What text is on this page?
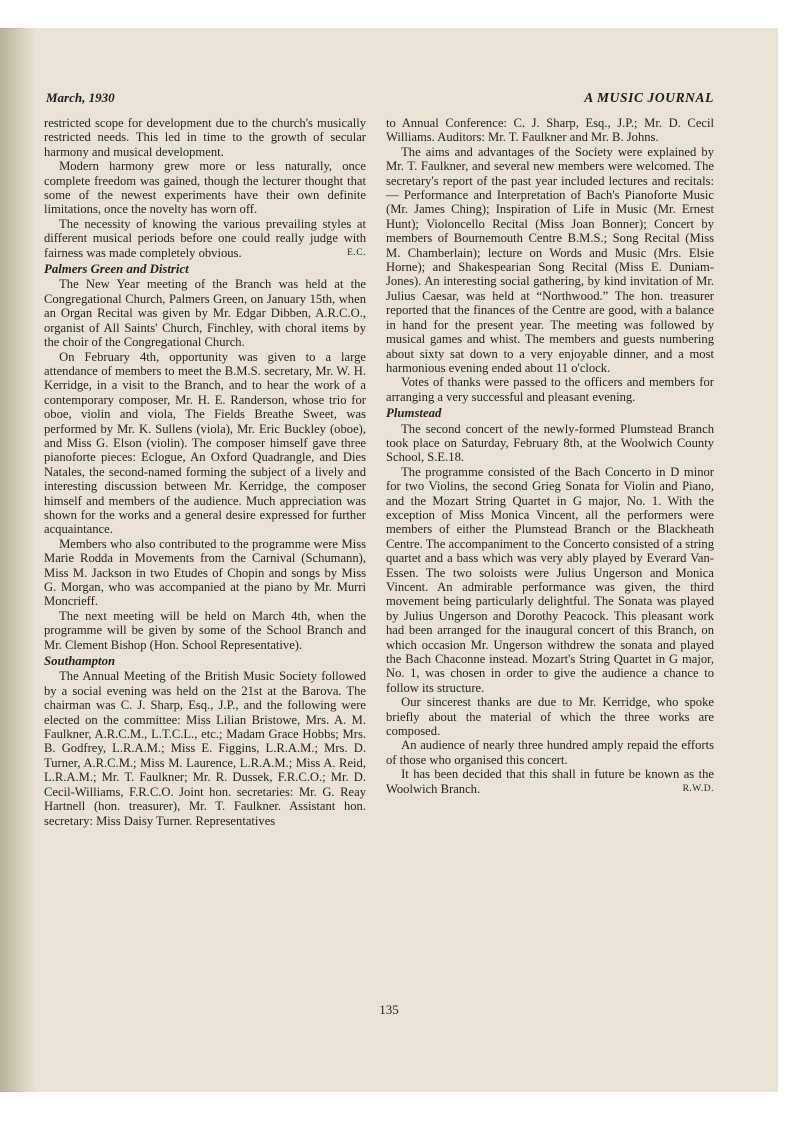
March, 1930	A MUSIC JOURNAL

restricted scope for development due to the church's musically restricted needs. This led in time to the growth of secular harmony and musical development.

Modern harmony grew more or less naturally, once complete freedom was gained, though the lecturer thought that some of the newest experiments have their own definite limitations, once the novelty has worn off.

The necessity of knowing the various prevailing styles at different musical periods before one could really judge with fairness was made completely obvious.	E.C.

Palmers Green and District

The New Year meeting of the Branch was held at the Congregational Church, Palmers Green, on January 15th, when an Organ Recital was given by Mr. Edgar Dibben, A.R.C.O., organist of All Saints' Church, Finchley, with choral items by the choir of the Congregational Church.

On February 4th, opportunity was given to a large attendance of members to meet the B.M.S. secretary, Mr. W. H. Kerridge, in a visit to the Branch, and to hear the work of a contemporary composer, Mr. H. E. Randerson, whose trio for oboe, violin and viola, The Fields Breathe Sweet, was performed by Mr. K. Sullens (viola), Mr. Eric Buckley (oboe), and Miss G. Elson (violin). The composer himself gave three pianoforte pieces: Eclogue, An Oxford Quadrangle, and Dies Natales, the second-named forming the subject of a lively and interesting discussion between Mr. Kerridge, the composer himself and members of the audience. Much appreciation was shown for the works and a general desire expressed for further acquaintance.

Members who also contributed to the programme were Miss Marie Rodda in Movements from the Carnival (Schumann), Miss M. Jackson in two Etudes of Chopin and songs by Miss G. Morgan, who was accompanied at the piano by Mr. Murri Moncrieff.

The next meeting will be held on March 4th, when the programme will be given by some of the School Branch and Mr. Clement Bishop (Hon. School Representative).

Southampton

The Annual Meeting of the British Music Society followed by a social evening was held on the 21st at the Barova. The chairman was C. J. Sharp, Esq., J.P., and the following were elected on the committee: Miss Lilian Bristowe, Mrs. A. M. Faulkner, A.R.C.M., L.T.C.L., etc.; Madam Grace Hobbs; Mrs. B. Godfrey, L.R.A.M.; Miss E. Figgins, L.R.A.M.; Mrs. D. Turner, A.R.C.M.; Miss M. Laurence, L.R.A.M.; Miss A. Reid, L.R.A.M.; Mr. T. Faulkner; Mr. R. Dussek, F.R.C.O.; Mr. D. Cecil-Williams, F.R.C.O. Joint hon. secretaries: Mr. G. Reay Hartnell (hon. treasurer), Mr. T. Faulkner. Assistant hon. secretary: Miss Daisy Turner. Representatives

to Annual Conference: C. J. Sharp, Esq., J.P.; Mr. D. Cecil Williams. Auditors: Mr. T. Faulkner and Mr. B. Johns.

The aims and advantages of the Society were explained by Mr. T. Faulkner, and several new members were welcomed. The secretary's report of the past year included lectures and recitals:— Performance and Interpretation of Bach's Pianoforte Music (Mr. James Ching); Inspiration of Life in Music (Mr. Ernest Hunt); Violoncello Recital (Miss Joan Bonner); Concert by members of Bournemouth Centre B.M.S.; Song Recital (Miss M. Chamberlain); lecture on Words and Music (Mrs. Elsie Horne); and Shakespearian Song Recital (Miss E. Duniam-Jones). An interesting social gathering, by kind invitation of Mr. Julius Caesar, was held at “Northwood.” The hon. treasurer reported that the finances of the Centre are good, with a balance in hand for the present year. The meeting was followed by musical games and whist. The members and guests numbering about sixty sat down to a very enjoyable dinner, and a most harmonious evening ended about 11 o'clock.

Votes of thanks were passed to the officers and members for arranging a very successful and pleasant evening.

Plumstead

The second concert of the newly-formed Plumstead Branch took place on Saturday, February 8th, at the Woolwich County School, S.E.18.

The programme consisted of the Bach Concerto in D minor for two Violins, the second Grieg Sonata for Violin and Piano, and the Mozart String Quartet in G major, No. 1. With the exception of Miss Monica Vincent, all the performers were members of either the Plumstead Branch or the Blackheath Centre. The accompaniment to the Concerto consisted of a string quartet and a bass which was very ably played by Everard Van-Essen. The two soloists were Julius Ungerson and Monica Vincent. An admirable performance was given, the third movement being particularly delightful. The Sonata was played by Julius Ungerson and Dorothy Peacock. This pleasant work had been arranged for the inaugural concert of this Branch, on which occasion Mr. Ungerson withdrew the sonata and played the Bach Chaconne instead. Mozart's String Quartet in G major, No. 1, was chosen in order to give the audience a chance to follow its structure.

Our sincerest thanks are due to Mr. Kerridge, who spoke briefly about the material of which the three works are composed.

An audience of nearly three hundred amply repaid the efforts of those who organised this concert.

It has been decided that this shall in future be known as the Woolwich Branch.	R.W.D.

135
